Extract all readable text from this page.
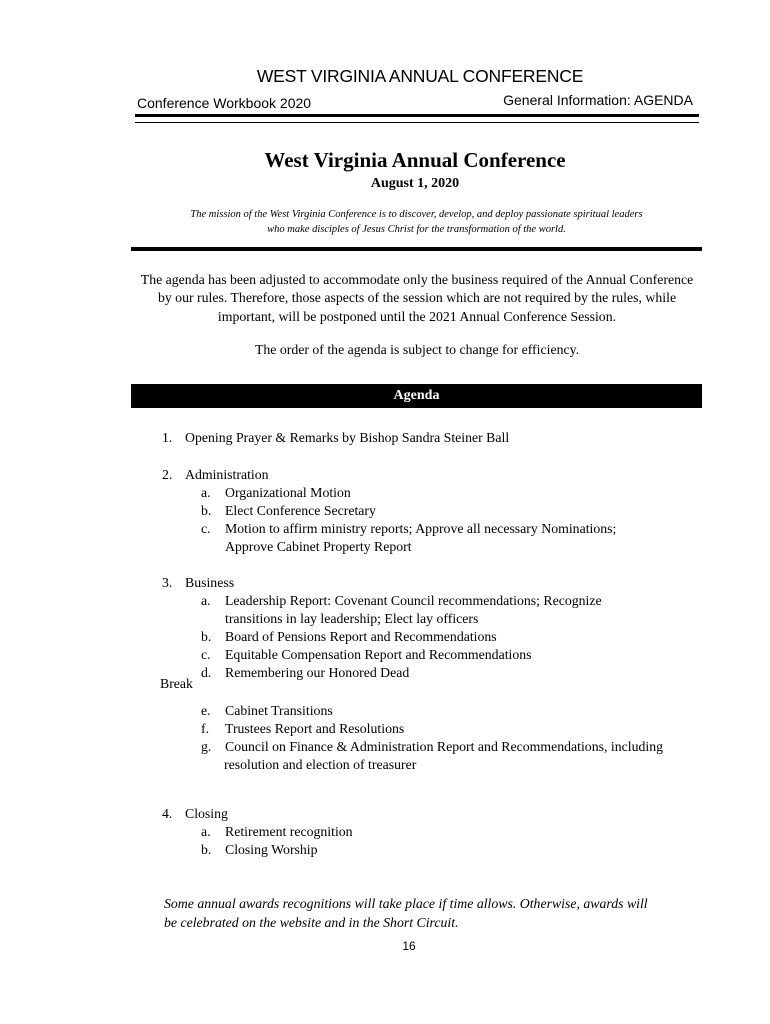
WEST VIRGINIA ANNUAL CONFERENCE
Conference Workbook 2020	General Information: AGENDA
West Virginia Annual Conference
August 1, 2020
The mission of the West Virginia Conference is to discover, develop, and deploy passionate spiritual leaders
who make disciples of Jesus Christ for the transformation of the world.
The agenda has been adjusted to accommodate only the business required of the Annual Conference
by our rules. Therefore, those aspects of the session which are not required by the rules, while
important, will be postponed until the 2021 Annual Conference Session.
The order of the agenda is subject to change for efficiency.
Agenda
1. Opening Prayer & Remarks by Bishop Sandra Steiner Ball
2. Administration
a. Organizational Motion
b. Elect Conference Secretary
c. Motion to affirm ministry reports; Approve all necessary Nominations;
Approve Cabinet Property Report
3. Business
a. Leadership Report: Covenant Council recommendations; Recognize
transitions in lay leadership; Elect lay officers
b. Board of Pensions Report and Recommendations
c. Equitable Compensation Report and Recommendations
d. Remembering our Honored Dead
Break
e. Cabinet Transitions
f. Trustees Report and Resolutions
g. Council on Finance & Administration Report and Recommendations, including
resolution and election of treasurer
4. Closing
a. Retirement recognition
b. Closing Worship
Some annual awards recognitions will take place if time allows. Otherwise, awards will
be celebrated on the website and in the Short Circuit.
16
